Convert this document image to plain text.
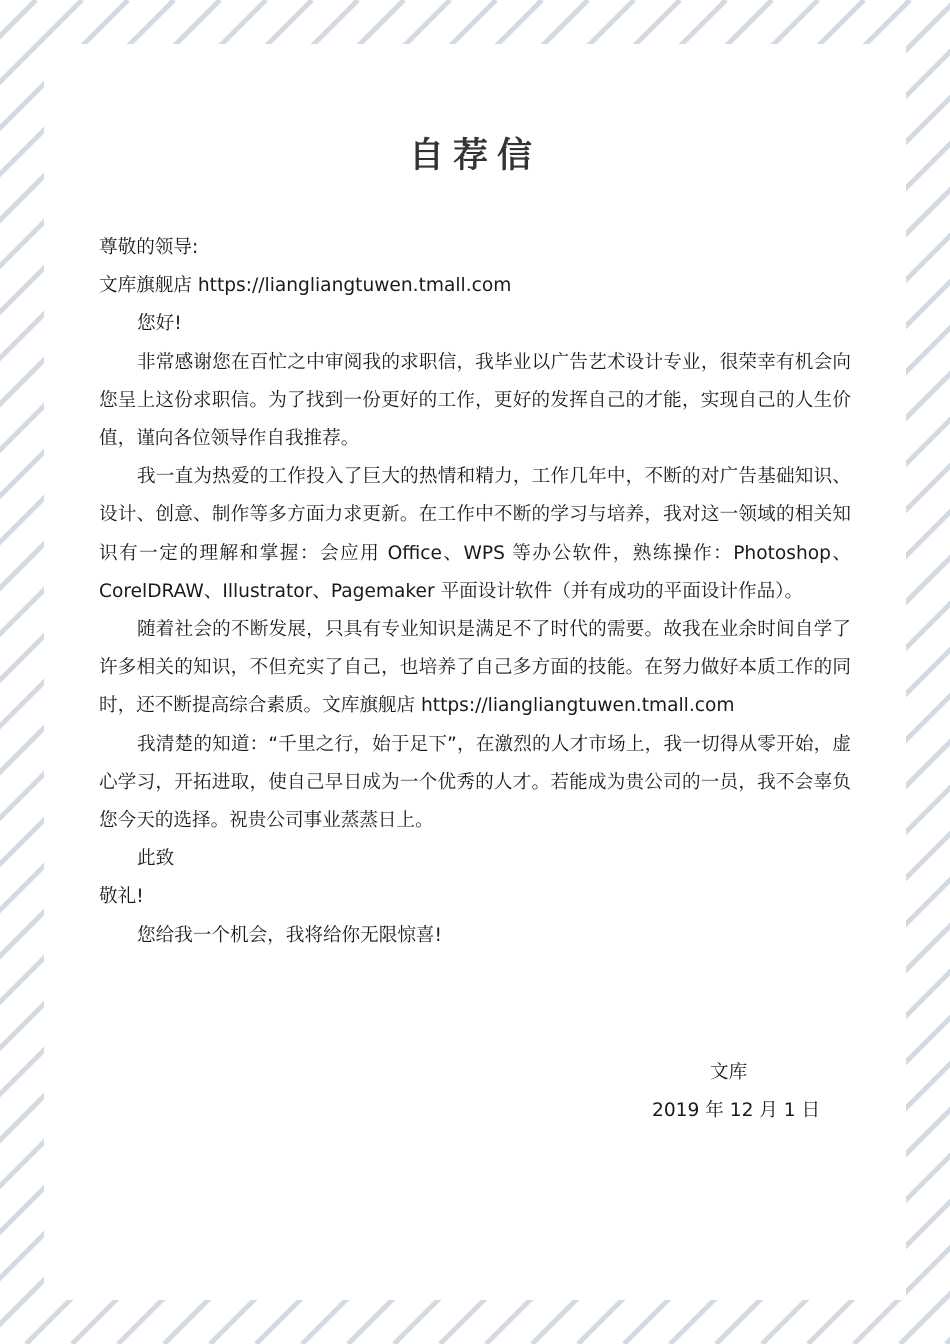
自荐信

尊敬的领导:

文库旗舰店 https://liangliangtuwen.tmall.com

您好!

非常感谢您在百忙之中审阅我的求职信，我毕业以广告艺术设计专业，很荣幸有机会向您呈上这份求职信。为了找到一份更好的工作，更好的发挥自己的才能，实现自己的人生价值，谨向各位领导作自我推荐。

我一直为热爱的工作投入了巨大的热情和精力，工作几年中，不断的对广告基础知识、设计、创意、制作等多方面力求更新。在工作中不断的学习与培养，我对这一领域的相关知识有一定的理解和掌握：会应用 Office、WPS 等办公软件，熟练操作：Photoshop、CorelDRAW、Illustrator、Pagemaker 平面设计软件（并有成功的平面设计作品）。

随着社会的不断发展，只具有专业知识是满足不了时代的需要。故我在业余时间自学了许多相关的知识，不但充实了自己，也培养了自己多方面的技能。在努力做好本质工作的同时，还不断提高综合素质。文库旗舰店 https://liangliangtuwen.tmall.com

我清楚的知道：“千里之行，始于足下”，在激烈的人才市场上，我一切得从零开始，虚心学习，开拓进取，使自己早日成为一个优秀的人才。若能成为贵公司的一员，我不会辜负您今天的选择。祝贵公司事业蒸蒸日上。

此致

敬礼!

您给我一个机会，我将给你无限惊喜!

文库
2019 年 12 月 1 日
